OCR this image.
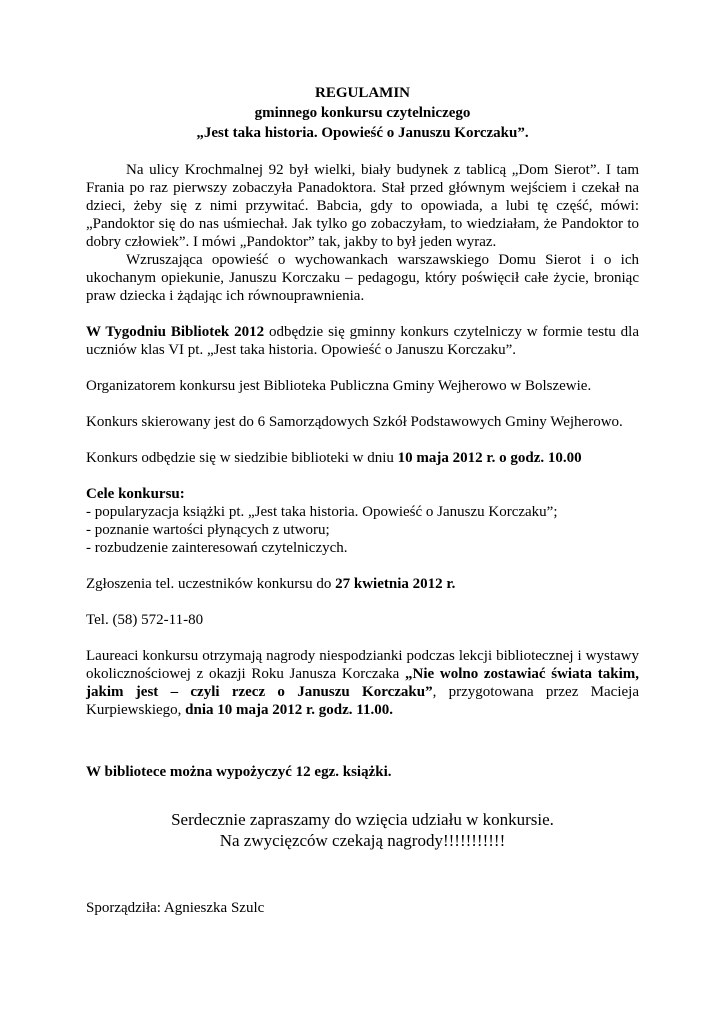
REGULAMIN
gminnego konkursu czytelniczego
„Jest taka historia. Opowieść o Januszu Korczaku”.

Na ulicy Krochmalnej 92 był wielki, biały budynek z tablicą „Dom Sierot”. I tam Frania po raz pierwszy zobaczyła Panadoktora. Stał przed głównym wejściem i czekał na dzieci, żeby się z nimi przywitać. Babcia, gdy to opowiada, a lubi tę część, mówi: „Pandoktor się do nas uśmiechał. Jak tylko go zobaczyłam, to wiedziałam, że Pandoktor to dobry człowiek”. I mówi „Pandoktor” tak, jakby to był jeden wyraz.

Wzruszająca opowieść o wychowankach warszawskiego Domu Sierot i o ich ukochanym opiekunie, Januszu Korczaku – pedagogu, który poświęcił całe życie, broniąc praw dziecka i żądając ich równouprawnienia.

W Tygodniu Bibliotek 2012 odbędzie się gminny konkurs czytelniczy w formie testu dla uczniów klas VI pt. „Jest taka historia. Opowieść o Januszu Korczaku”.

Organizatorem konkursu jest Biblioteka Publiczna Gminy Wejherowo w Bolszewie.

Konkurs skierowany jest do 6 Samorządowych Szkół Podstawowych Gminy Wejherowo.

Konkurs odbędzie się w siedzibie biblioteki w dniu 10 maja 2012 r. o godz. 10.00

Cele konkursu:
- popularyzacja książki pt. „Jest taka historia. Opowieść o Januszu Korczaku”;
- poznanie wartości płynących z utworu;
- rozbudzenie zainteresowań czytelniczych.

Zgłoszenia tel. uczestników konkursu do 27 kwietnia 2012 r.

Tel. (58) 572-11-80

Laureaci konkursu otrzymają nagrody niespodzianki podczas lekcji bibliotecznej i wystawy okolicznościowej z okazji Roku Janusza Korczaka „Nie wolno zostawiać świata takim, jakim jest – czyli rzecz o Januszu Korczaku”, przygotowana przez Macieja Kurpiewskiego, dnia 10 maja 2012 r. godz. 11.00.

W bibliotece można wypożyczyć 12 egz. książki.

Serdecznie zapraszamy do wzięcia udziału w konkursie.
Na zwycięzców czekają nagrody!!!!!!!!!!!

Sporządziła: Agnieszka Szulc
